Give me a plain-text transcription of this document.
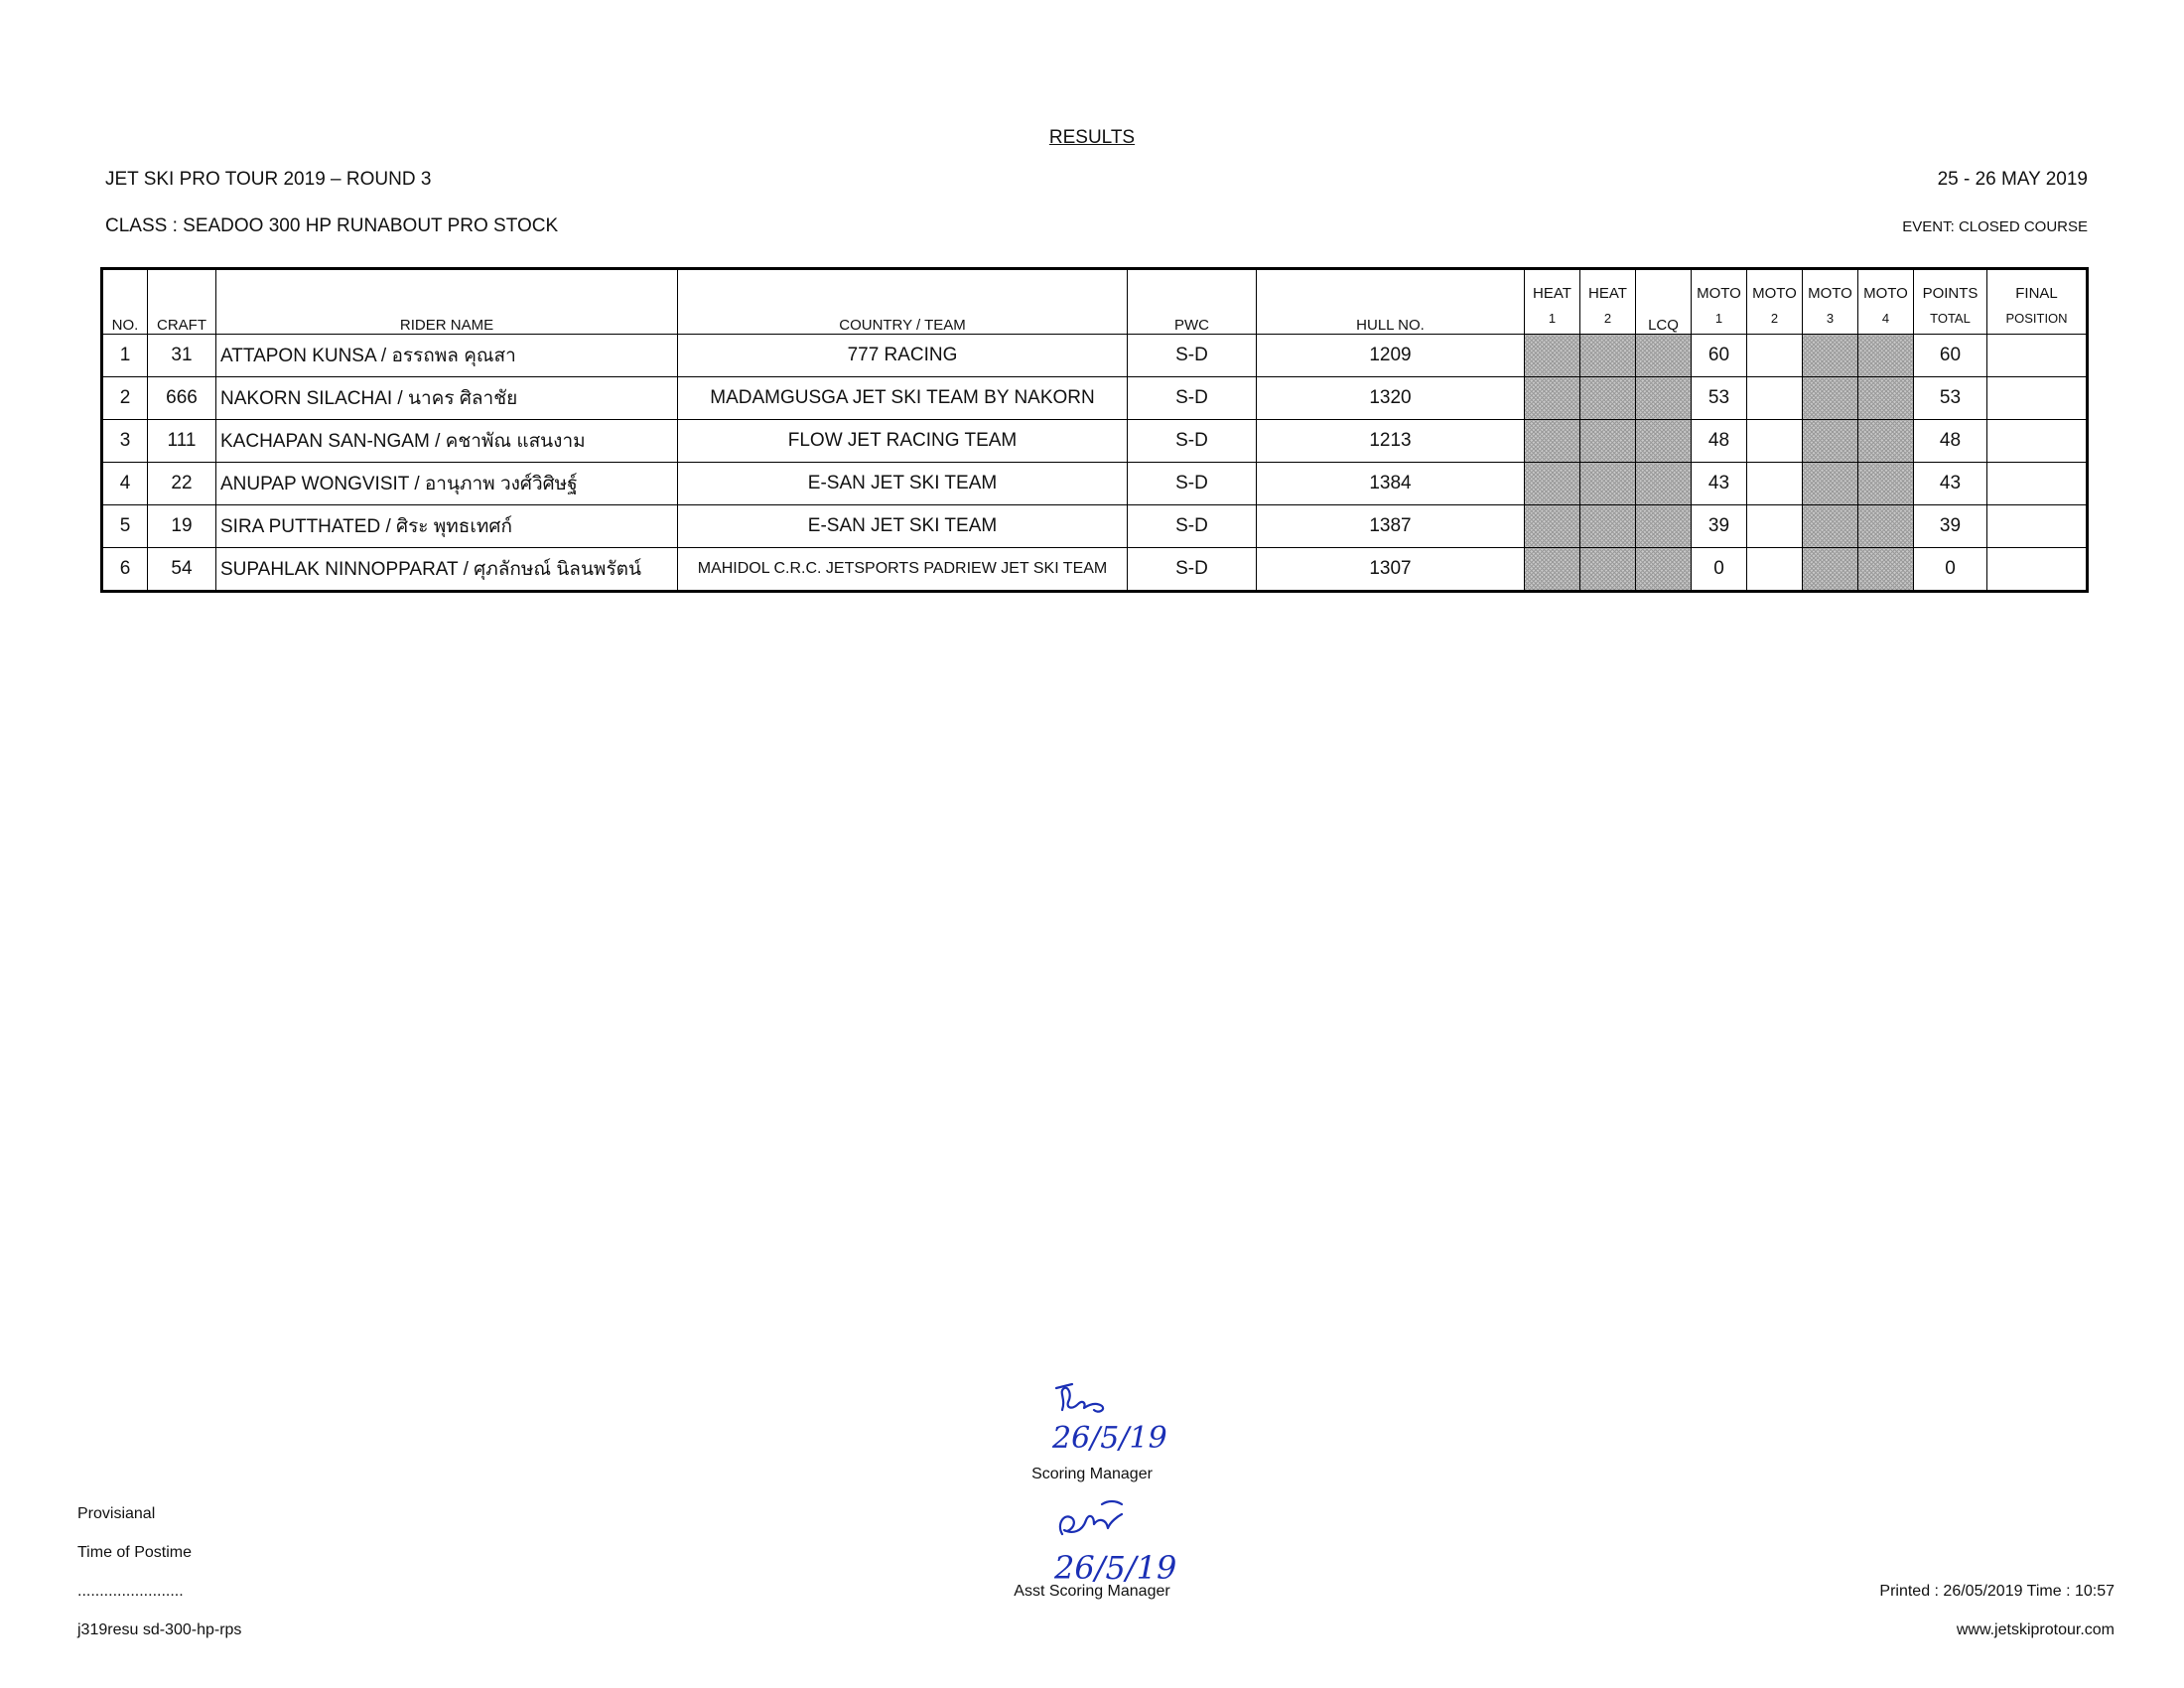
RESULTS
JET SKI PRO TOUR 2019 – ROUND 3	25 - 26 MAY 2019
CLASS : SEADOO 300 HP RUNABOUT PRO STOCK	EVENT: CLOSED COURSE
NO.	CRAFT	RIDER NAME	COUNTRY / TEAM	PWC	HULL NO.	HEAT	HEAT	LCQ	MOTO	MOTO	MOTO	MOTO	POINTS	FINAL
						1	2		1	2	3	4	TOTAL	POSITION
1	31	ATTAPON KUNSA / อรรถพล คุณสา	777 RACING	S-D	1209				60				60	
2	666	NAKORN SILACHAI / นาคร ศิลาชัย	MADAMGUSGA JET SKI TEAM BY NAKORN	S-D	1320				53				53	
3	111	KACHAPAN SAN-NGAM / คชาพัณ แสนงาม	FLOW JET RACING TEAM	S-D	1213				48				48	
4	22	ANUPAP WONGVISIT / อานุภาพ วงศ์วิศิษฐ์	E-SAN JET SKI TEAM	S-D	1384				43				43	
5	19	SIRA PUTTHATED / ศิระ พุทธเทศก์	E-SAN JET SKI TEAM	S-D	1387				39				39	
6	54	SUPAHLAK NINNOPPARAT / ศุภลักษณ์ นิลนพรัตน์	MAHIDOL C.R.C. JETSPORTS PADRIEW JET SKI TEAM	S-D	1307				0				0	
26/5/19
Scoring Manager
26/5/19
Asst Scoring Manager
Provisianal
Time of Postime
........................
j319resu sd-300-hp-rps
Printed : 26/05/2019 Time : 10:57
www.jetskiprotour.com
